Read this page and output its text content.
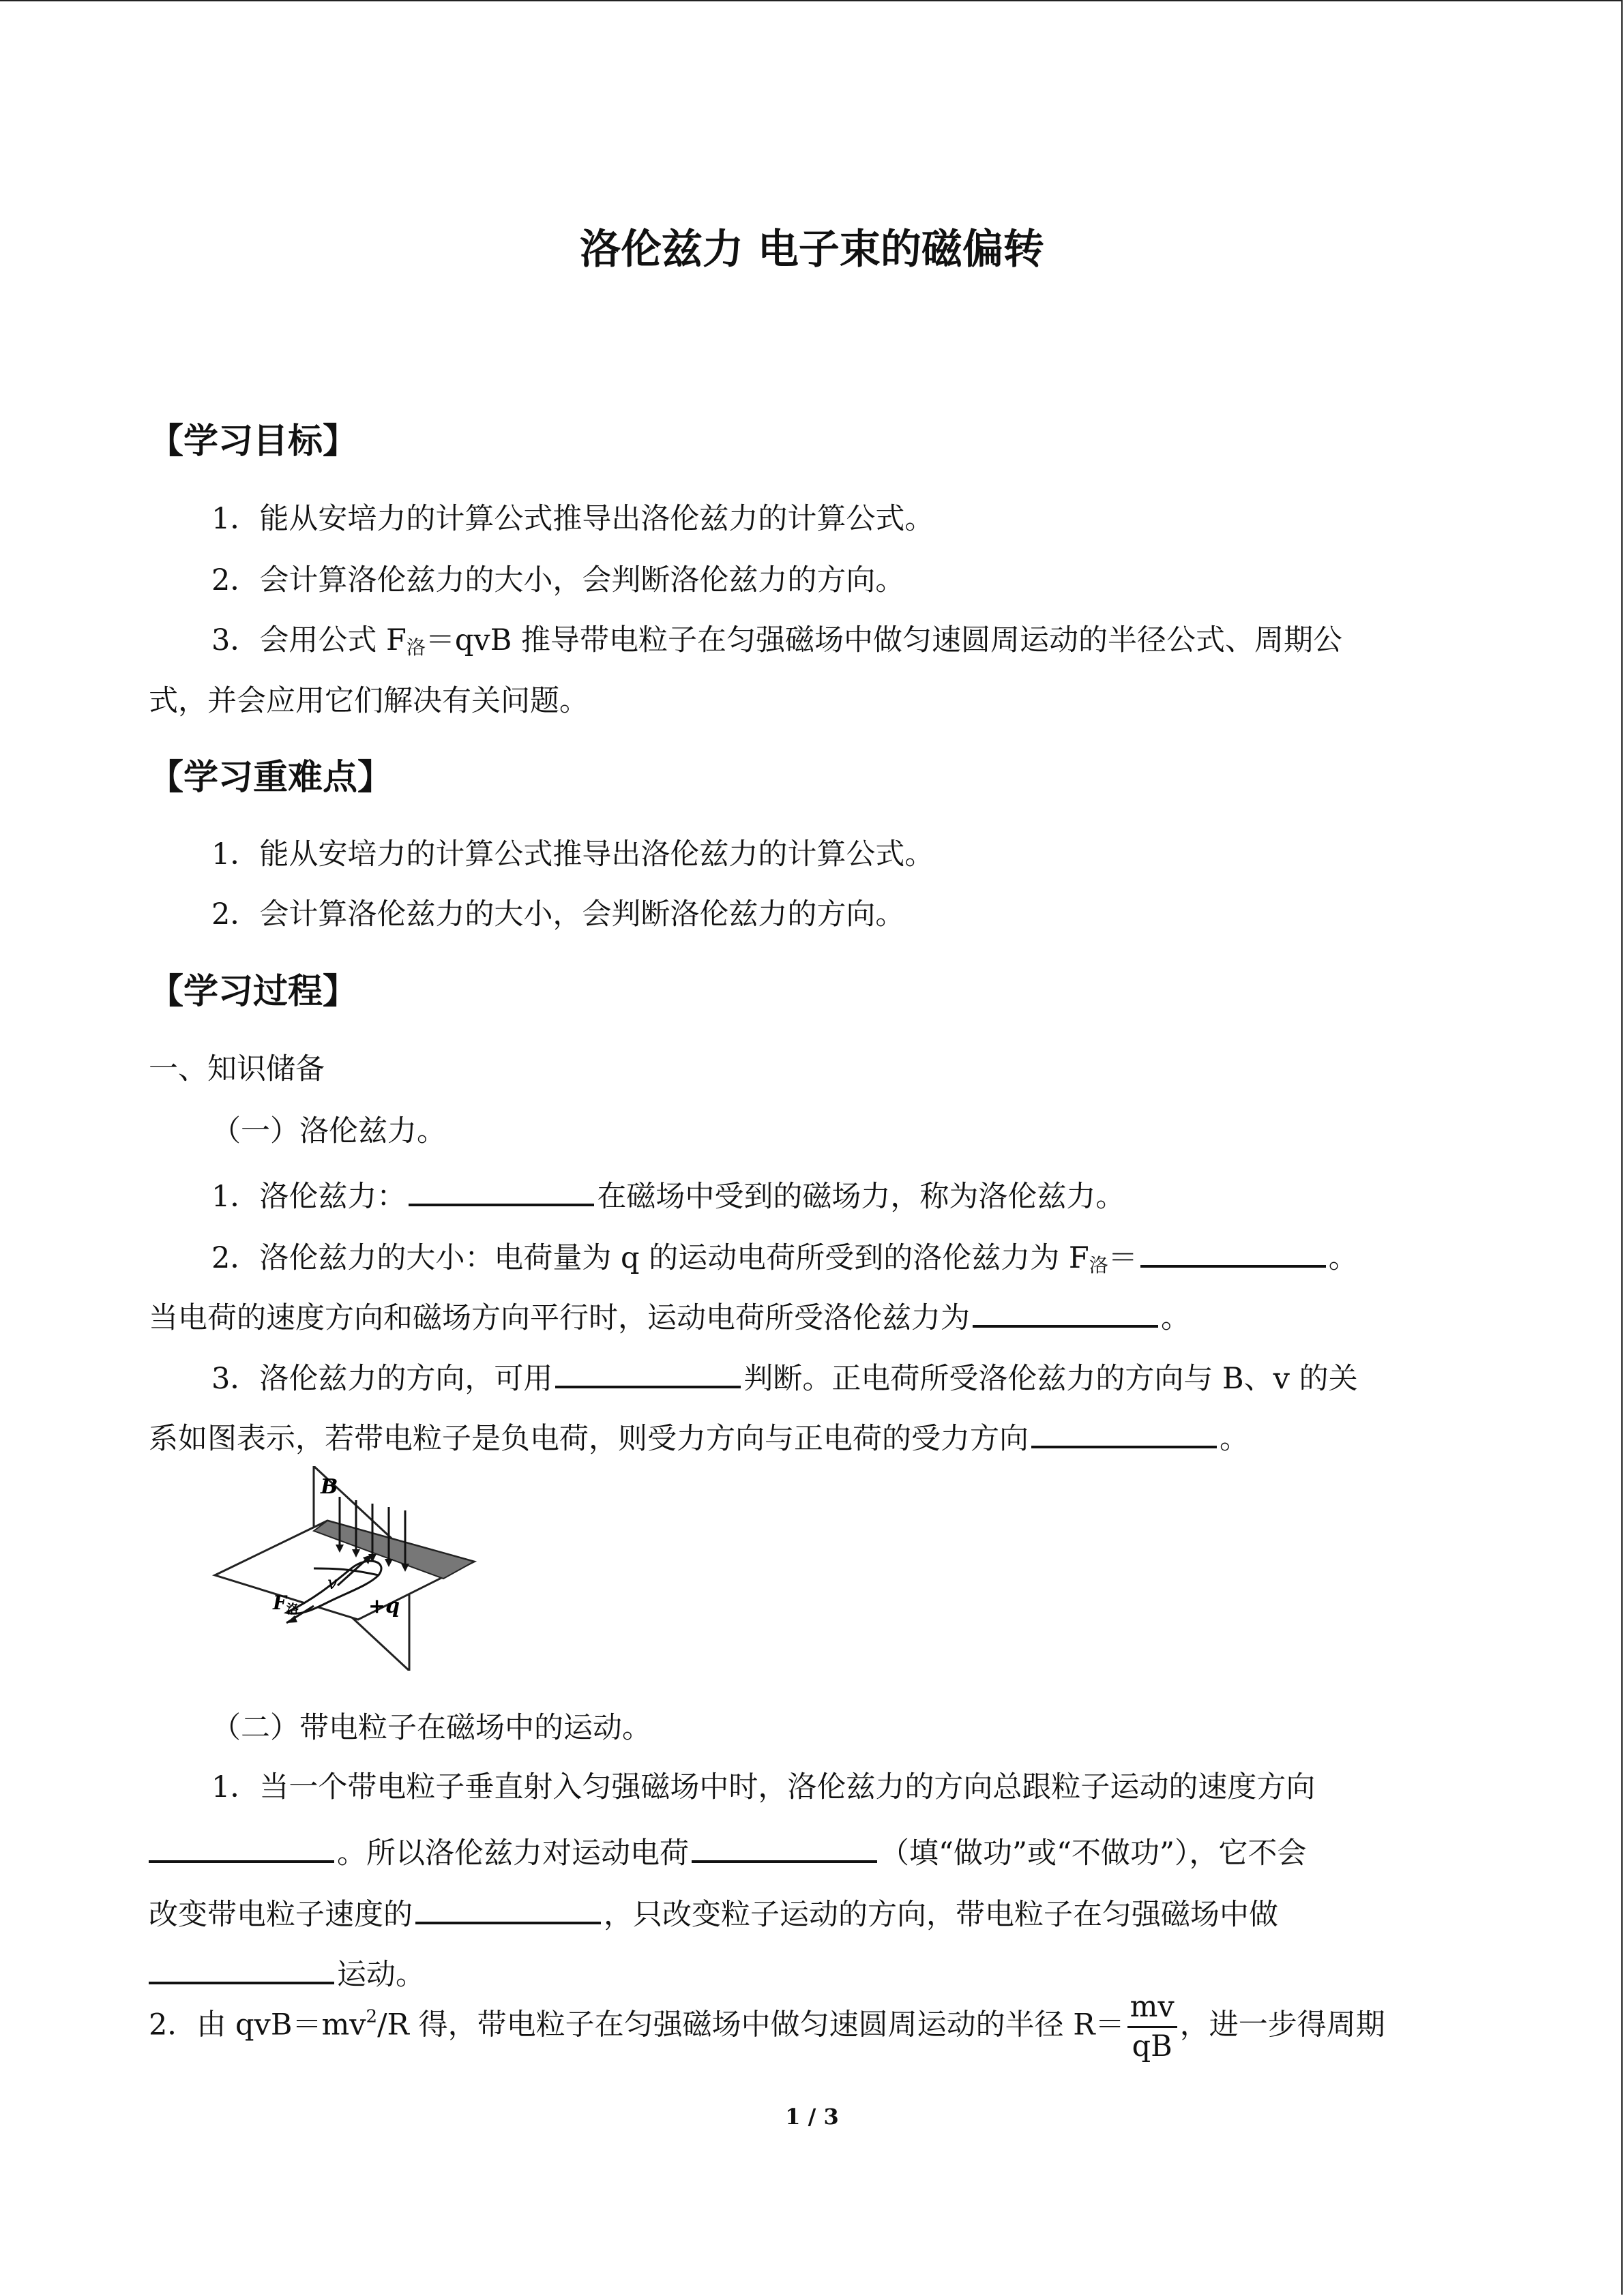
洛伦兹力 电子束的磁偏转
【学习目标】
1．能从安培力的计算公式推导出洛伦兹力的计算公式。
2．会计算洛伦兹力的大小，会判断洛伦兹力的方向。
3．会用公式 $F_洛=qvB$ 推导带电粒子在匀强磁场中做匀速圆周运动的半径公式、周期公
式，并会应用它们解决有关问题。
【学习重难点】
1．能从安培力的计算公式推导出洛伦兹力的计算公式。
2．会计算洛伦兹力的大小，会判断洛伦兹力的方向。
【学习过程】
一、知识储备
（一）洛伦兹力。
1．洛伦兹力：	在磁场中受到的磁场力，称为洛伦兹力。
2．洛伦兹力的大小：电荷量为 q 的运动电荷所受到的洛伦兹力为 $F_洛=$	。
当电荷的速度方向和磁场方向平行时，运动电荷所受洛伦兹力为	。
3．洛伦兹力的方向，可用	判断。正电荷所受洛伦兹力的方向与 B、v 的关
系如图表示，若带电粒子是负电荷，则受力方向与正电荷的受力方向	。
B
v
$F_洛$	+q
（二）带电粒子在磁场中的运动。
1．当一个带电粒子垂直射入匀强磁场中时，洛伦兹力的方向总跟粒子运动的速度方向
。所以洛伦兹力对运动电荷	（填“做功”或“不做功”），它不会
改变带电粒子速度的	，只改变粒子运动的方向，带电粒子在匀强磁场中做
运动。
2．由 $qvB=mv^2/R$ 得，带电粒子在匀强磁场中做匀速圆周运动的半径 $R= \frac{mv}{qB}$ ，进一步得周期
1 / 3
